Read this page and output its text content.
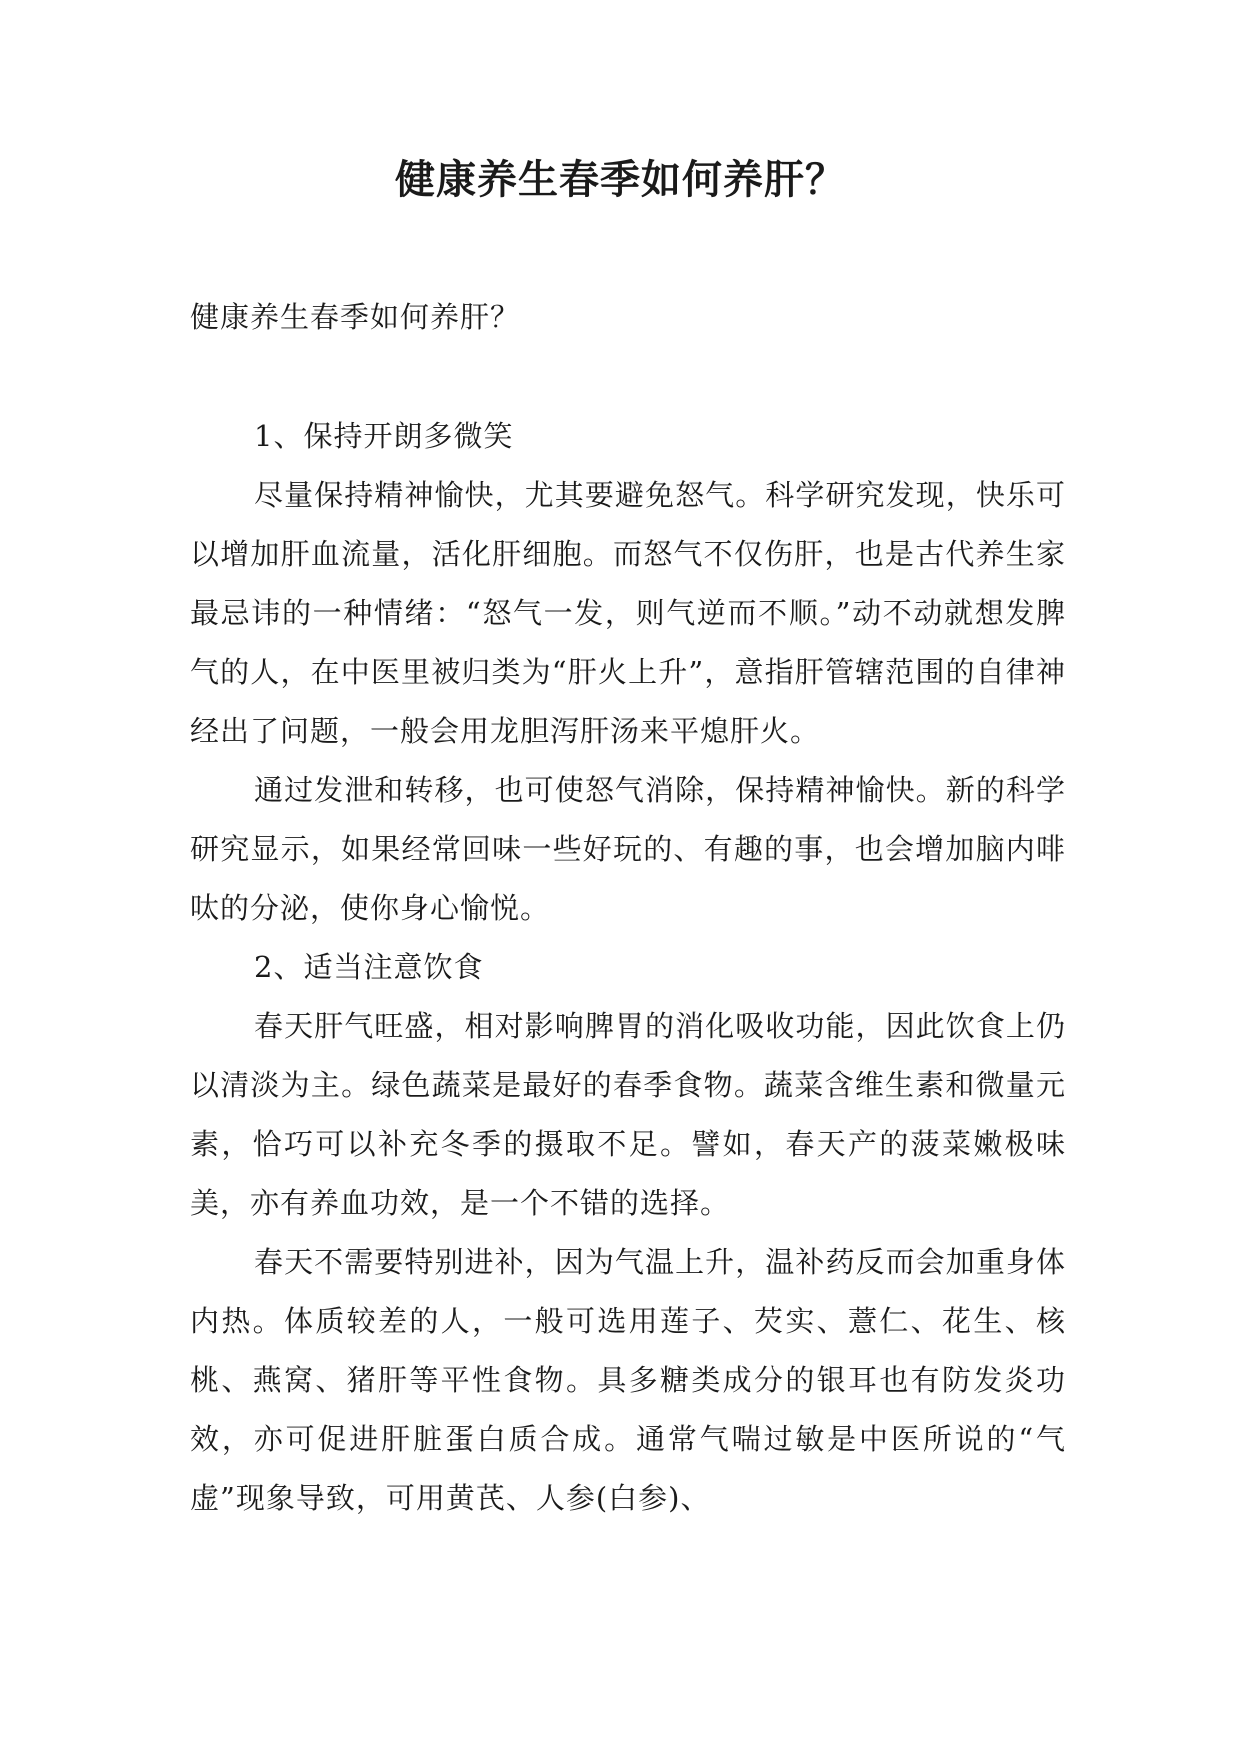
健康养生春季如何养肝？

健康养生春季如何养肝？

1、保持开朗多微笑

尽量保持精神愉快，尤其要避免怒气。科学研究发现，快乐可以增加肝血流量，活化肝细胞。而怒气不仅伤肝，也是古代养生家最忌讳的一种情绪：“怒气一发，则气逆而不顺。”动不动就想发脾气的人，在中医里被归类为“肝火上升”，意指肝管辖范围的自律神经出了问题，一般会用龙胆泻肝汤来平熄肝火。

通过发泄和转移，也可使怒气消除，保持精神愉快。新的科学研究显示，如果经常回味一些好玩的、有趣的事，也会增加脑内啡呔的分泌，使你身心愉悦。

2、适当注意饮食

春天肝气旺盛，相对影响脾胃的消化吸收功能，因此饮食上仍以清淡为主。绿色蔬菜是最好的春季食物。蔬菜含维生素和微量元素，恰巧可以补充冬季的摄取不足。譬如，春天产的菠菜嫩极味美，亦有养血功效，是一个不错的选择。

春天不需要特别进补，因为气温上升，温补药反而会加重身体内热。体质较差的人，一般可选用莲子、芡实、薏仁、花生、核桃、燕窝、猪肝等平性食物。具多糖类成分的银耳也有防发炎功效，亦可促进肝脏蛋白质合成。通常气喘过敏是中医所说的“气虚”现象导致，可用黄芪、人参(白参)、
